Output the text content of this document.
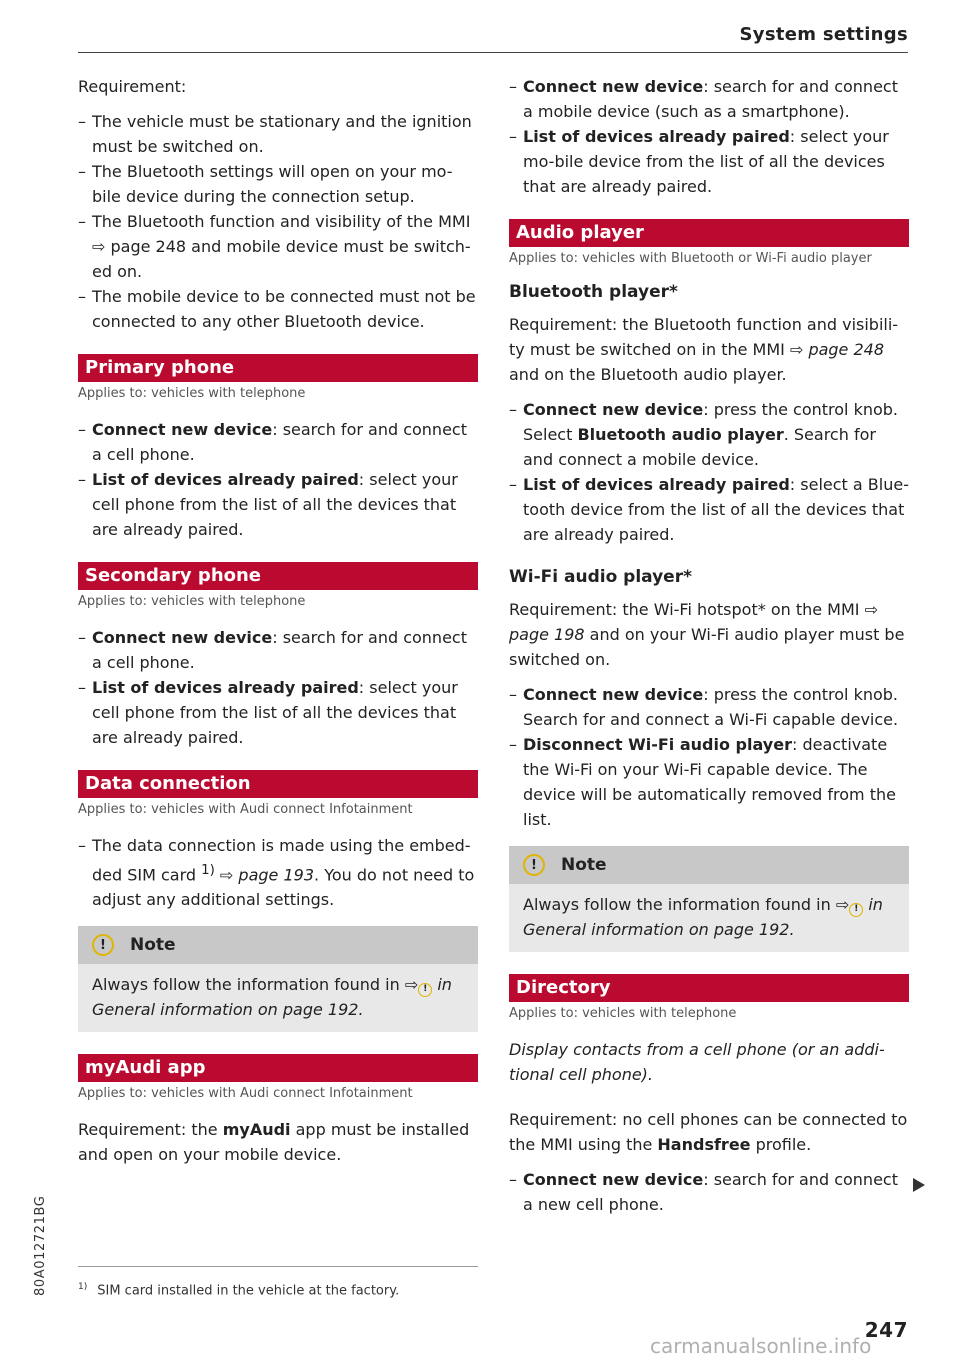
System settings

Requirement:

– The vehicle must be stationary and the ignition must be switched on.
– The Bluetooth settings will open on your mo-bile device during the connection setup.
– The Bluetooth function and visibility of the MMI ⇨ page 248 and mobile device must be switch-ed on.
– The mobile device to be connected must not be connected to any other Bluetooth device.
Primary phone
Applies to: vehicles with telephone
– Connect new device: search for and connect a cell phone.
– List of devices already paired: select your cell phone from the list of all the devices that are already paired.
Secondary phone
Applies to: vehicles with telephone
– Connect new device: search for and connect a cell phone.
– List of devices already paired: select your cell phone from the list of all the devices that are already paired.
Data connection
Applies to: vehicles with Audi connect Infotainment
– The data connection is made using the embed-ded SIM card $^{1)}$ ⇨ page 193. You do not need to adjust any additional settings.
!	Note
Always follow the information found in ⇨ ! in General information on page 192.
myAudi app
Applies to: vehicles with Audi connect Infotainment

Requirement: the myAudi app must be installed and open on your mobile device.

$^{1)}$ SIM card installed in the vehicle at the factory.
– Connect new device: search for and connect a mobile device (such as a smartphone).
– List of devices already paired: select your mo-bile device from the list of all the devices that are already paired.
Audio player
Applies to: vehicles with Bluetooth or Wi-Fi audio player
Bluetooth player*

Requirement: the Bluetooth function and visibili-ty must be switched on in the MMI ⇨ page 248 and on the Bluetooth audio player.

– Connect new device: press the control knob. Select Bluetooth audio player. Search for and connect a mobile device.
– List of devices already paired: select a Blue-tooth device from the list of all the devices that are already paired.
Wi-Fi audio player*

Requirement: the Wi-Fi hotspot* on the MMI ⇨ page 198 and on your Wi-Fi audio player must be switched on.

– Connect new device: press the control knob. Search for and connect a Wi-Fi capable device.
– Disconnect Wi-Fi audio player: deactivate the Wi-Fi on your Wi-Fi capable device. The device will be automatically removed from the list.
!	Note
Always follow the information found in ⇨ ! in General information on page 192.
Directory
Applies to: vehicles with telephone

Display contacts from a cell phone (or an addi-tional cell phone).

Requirement: no cell phones can be connected to the MMI using the Handsfree profile.

– Connect new device: search for and connect a new cell phone.
80A012721BG
247
carmanualsonline.info
